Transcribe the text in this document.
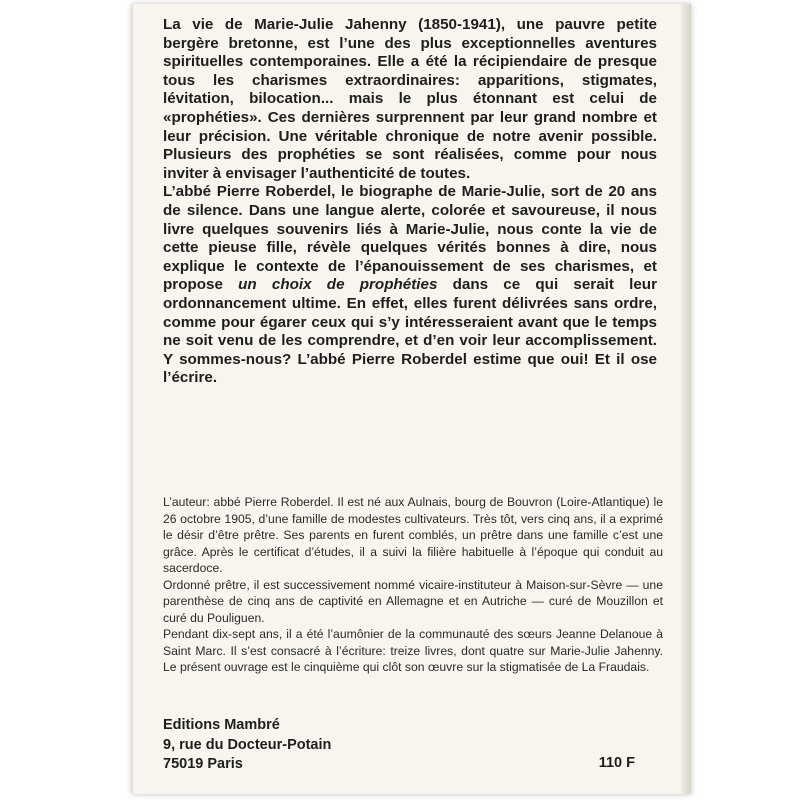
La vie de Marie-Julie Jahenny (1850-1941), une pauvre petite bergère bretonne, est l’une des plus exceptionnelles aventures spirituelles contemporaines. Elle a été la récipiendaire de presque tous les charismes extraordinaires: apparitions, stigmates, lévitation, bilocation... mais le plus étonnant est celui de «prophéties». Ces dernières surprennent par leur grand nombre et leur précision. Une véritable chronique de notre avenir possible. Plusieurs des prophéties se sont réalisées, comme pour nous inviter à envisager l’authenticité de toutes.

L’abbé Pierre Roberdel, le biographe de Marie-Julie, sort de 20 ans de silence. Dans une langue alerte, colorée et savoureuse, il nous livre quelques souvenirs liés à Marie-Julie, nous conte la vie de cette pieuse fille, révèle quelques vérités bonnes à dire, nous explique le contexte de l’épanouissement de ses charismes, et propose un choix de prophéties dans ce qui serait leur ordonnancement ultime. En effet, elles furent délivrées sans ordre, comme pour égarer ceux qui s’y intéresseraient avant que le temps ne soit venu de les comprendre, et d’en voir leur accomplissement. Y sommes-nous? L’abbé Pierre Roberdel estime que oui! Et il ose l’écrire.

L’auteur: abbé Pierre Roberdel. Il est né aux Aulnais, bourg de Bouvron (Loire-Atlantique) le 26 octobre 1905, d’une famille de modestes cultivateurs. Très tôt, vers cinq ans, il a exprimé le désir d’être prêtre. Ses parents en furent comblés, un prêtre dans une famille c’est une grâce. Après le certificat d’études, il a suivi la filière habituelle à l’époque qui conduit au sacerdoce.

Ordonné prêtre, il est successivement nommé vicaire-instituteur à Maison-sur-Sèvre — une parenthèse de cinq ans de captivité en Allemagne et en Autriche — curé de Mouzillon et curé du Pouliguen.

Pendant dix-sept ans, il a été l’aumônier de la communauté des sœurs Jeanne Delanoue à Saint Marc. Il s’est consacré à l’écriture: treize livres, dont quatre sur Marie-Julie Jahenny. Le présent ouvrage est le cinquième qui clôt son œuvre sur la stigmatisée de La Fraudais.

Editions Mambré
9, rue du Docteur-Potain
75019 Paris	110 F
